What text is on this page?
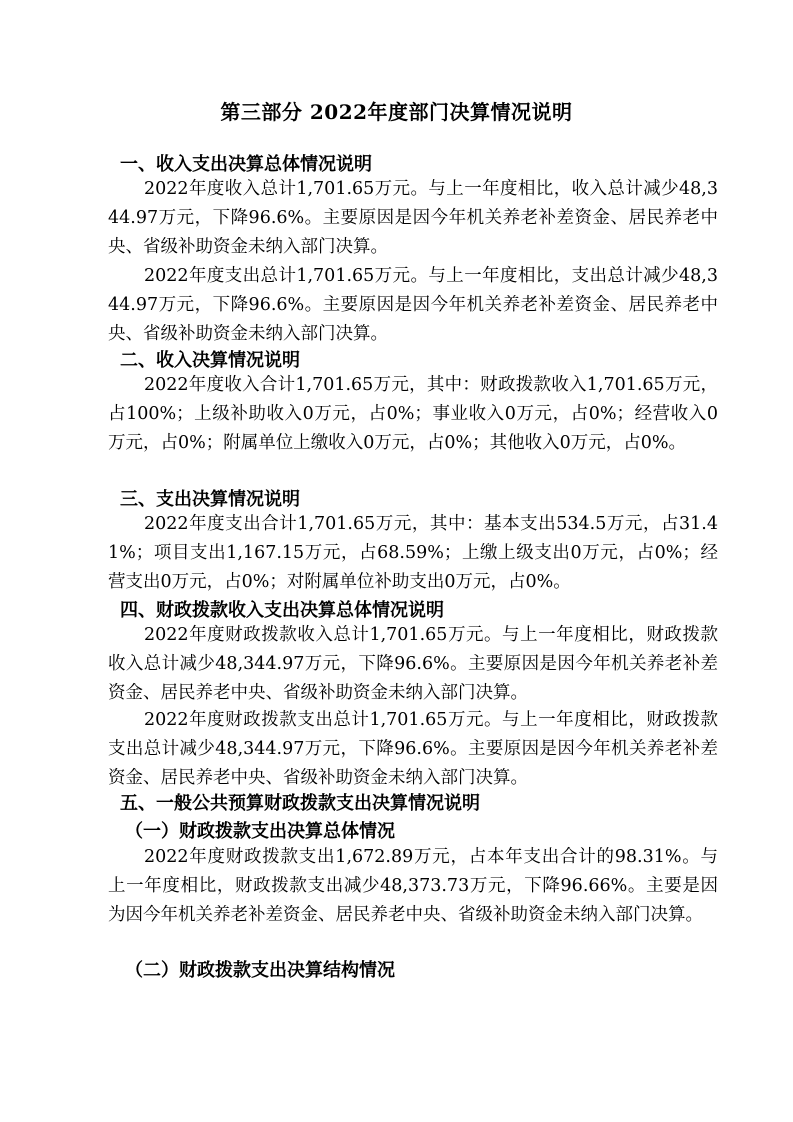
第三部分 2022年度部门决算情况说明
一、收入支出决算总体情况说明
2022年度收入总计1,701.65万元。与上一年度相比，收入总计减少48,344.97万元，下降96.6%。主要原因是因今年机关养老补差资金、居民养老中央、省级补助资金未纳入部门决算。
2022年度支出总计1,701.65万元。与上一年度相比，支出总计减少48,344.97万元，下降96.6%。主要原因是因今年机关养老补差资金、居民养老中央、省级补助资金未纳入部门决算。
二、收入决算情况说明
2022年度收入合计1,701.65万元，其中：财政拨款收入1,701.65万元，占100%；上级补助收入0万元，占0%；事业收入0万元，占0%；经营收入0万元，占0%；附属单位上缴收入0万元，占0%；其他收入0万元，占0%。
三、支出决算情况说明
2022年度支出合计1,701.65万元，其中：基本支出534.5万元，占31.41%；项目支出1,167.15万元，占68.59%；上缴上级支出0万元，占0%；经营支出0万元，占0%；对附属单位补助支出0万元，占0%。
四、财政拨款收入支出决算总体情况说明
2022年度财政拨款收入总计1,701.65万元。与上一年度相比，财政拨款收入总计减少48,344.97万元，下降96.6%。主要原因是因今年机关养老补差资金、居民养老中央、省级补助资金未纳入部门决算。
2022年度财政拨款支出总计1,701.65万元。与上一年度相比，财政拨款支出总计减少48,344.97万元，下降96.6%。主要原因是因今年机关养老补差资金、居民养老中央、省级补助资金未纳入部门决算。
五、一般公共预算财政拨款支出决算情况说明
（一）财政拨款支出决算总体情况
2022年度财政拨款支出1,672.89万元，占本年支出合计的98.31%。与上一年度相比，财政拨款支出减少48,373.73万元，下降96.66%。主要是因为因今年机关养老补差资金、居民养老中央、省级补助资金未纳入部门决算。
（二）财政拨款支出决算结构情况
